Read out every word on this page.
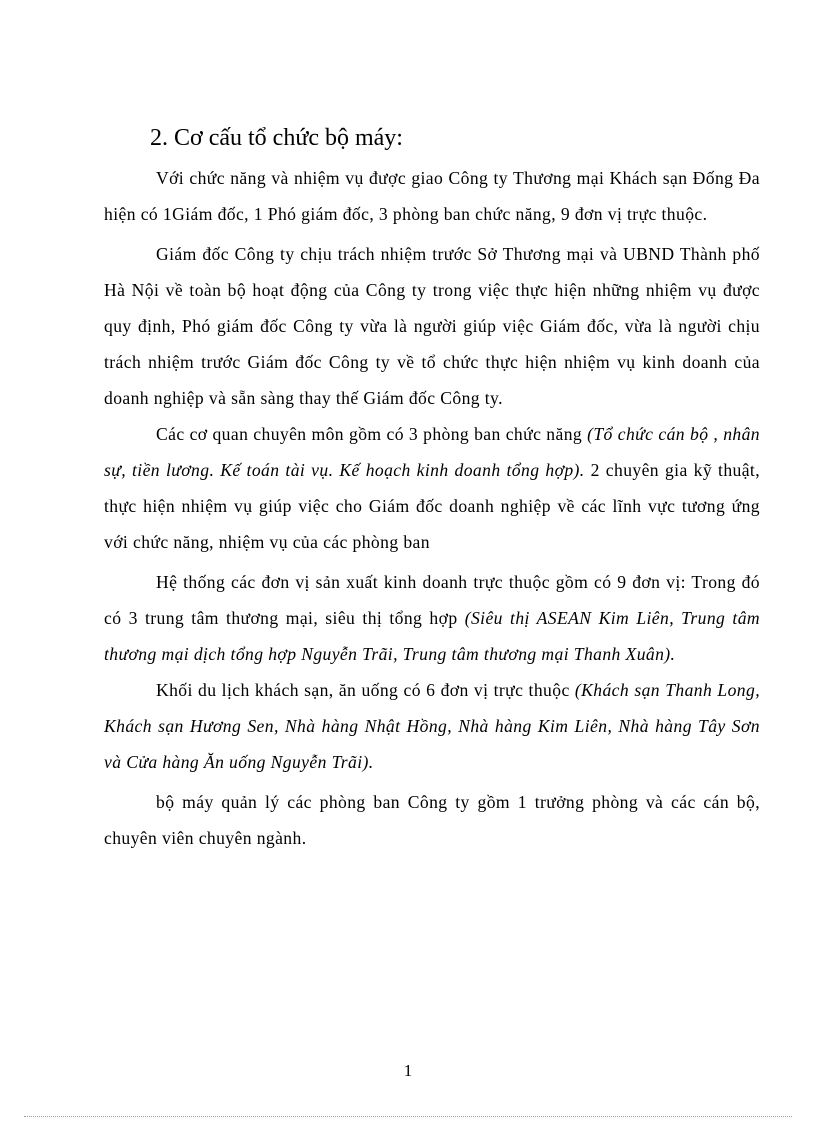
2. Cơ cấu tổ chức bộ máy:

Với chức năng và nhiệm vụ được giao Công ty Thương mại Khách sạn Đống Đa hiện có 1Giám đốc, 1 Phó giám đốc, 3 phòng ban chức năng, 9 đơn vị trực thuộc.

Giám đốc Công ty chịu trách nhiệm trước Sở Thương mại và UBND Thành phố Hà Nội về toàn bộ hoạt động của Công ty trong việc thực hiện những nhiệm vụ được quy định, Phó giám đốc Công ty vừa là người giúp việc Giám đốc, vừa là người chịu trách nhiệm trước Giám đốc Công ty về tổ chức thực hiện nhiệm vụ kinh doanh của doanh nghiệp và sẵn sàng thay thế Giám đốc Công ty.

Các cơ quan chuyên môn gồm có 3 phòng ban chức năng (Tổ chức cán bộ , nhân sự, tiền lương. Kế toán tài vụ. Kế hoạch kinh doanh tổng hợp). 2 chuyên gia kỹ thuật, thực hiện nhiệm vụ giúp việc cho Giám đốc doanh nghiệp về các lĩnh vực tương ứng với chức năng, nhiệm vụ của các phòng ban

Hệ thống các đơn vị sản xuất kinh doanh trực thuộc gồm có 9 đơn vị: Trong đó có 3 trung tâm thương mại, siêu thị tổng hợp (Siêu thị ASEAN Kim Liên, Trung tâm thương mại dịch tổng hợp Nguyễn Trãi, Trung tâm thương mại Thanh Xuân).

Khối du lịch khách sạn, ăn uống có 6 đơn vị trực thuộc (Khách sạn Thanh Long, Khách sạn Hương Sen, Nhà hàng Nhật Hồng, Nhà hàng Kim Liên, Nhà hàng Tây Sơn và Cửa hàng Ăn uống Nguyễn Trãi).

bộ máy quản lý các phòng ban Công ty gồm 1 trưởng phòng và các cán bộ, chuyên viên chuyên ngành.

1
